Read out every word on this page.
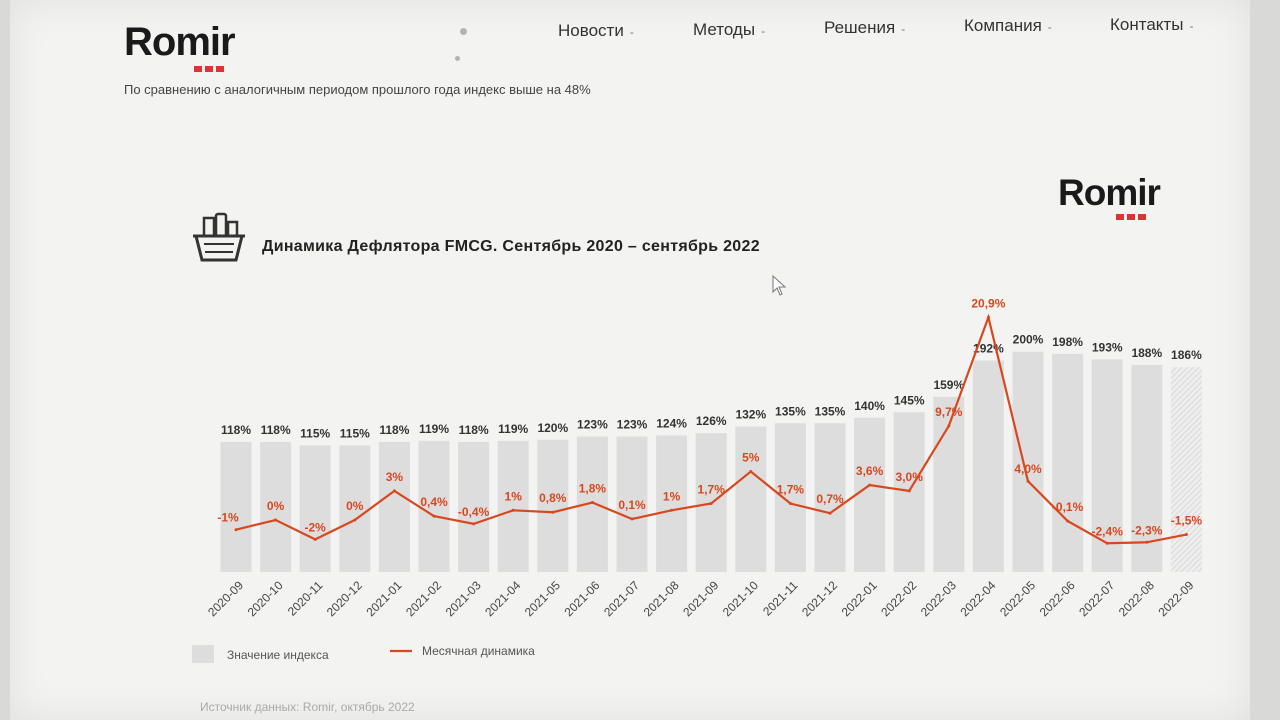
Romir	Новости -	Методы -	Решения -	Компания -	Контакты -
По сравнению с аналогичным периодом прошлого года индекс выше на 48%
Romir
Динамика Дефлятора FMCG. Сентябрь 2020 – сентябрь 2022
118% 118% 115% 115% 118% 119% 118% 119% 120% 123% 123% 124% 126% 132% 135% 135% 140% 145%
159%
192%
200% 198% 193% 188% 186%
-1%
0%
-2%
0%
3%
0,4%
-0,4%
1% 0,8%
1,8%
0,1%
1% 1,7%
5%
1,7%
0,7%
3,6% 3,0%
9,7%
20,9%
4,0%
-0,1%
-2,4% -2,3%
-1,5%
2020-09
2020-10 2020-11
2020-12
2021-01
2021-02
2021-03
2021-04
2021-05
2021-06
2021-07
2021-08
2021-09
2021-10 2021-11
2021-12
2022-01
2022-02
2022-03
2022-04
2022-05
2022-06
2022-07
2022-08
2022-09
Значение индекса	Месячная динамика
Источник данных: Romir, октябрь 2022
